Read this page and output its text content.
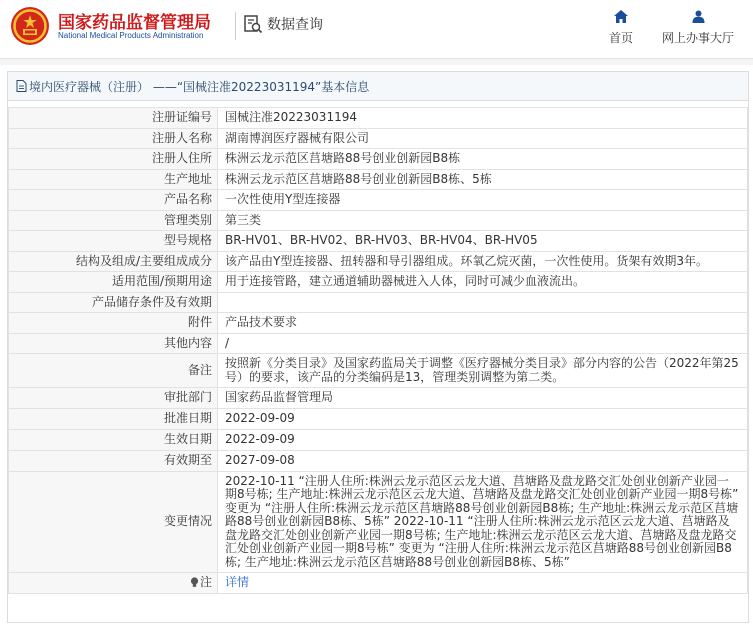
国家药品监督管理局
National Medical Products Administration
数据查询
首页	网上办事大厅
境内医疗器械（注册） ——“国械注准20223031194”基本信息
注册证编号	国械注准20223031194
注册人名称	湖南博润医疗器械有限公司
注册人住所	株洲云龙示范区莒塘路88号创业创新园B8栋
生产地址	株洲云龙示范区莒塘路88号创业创新园B8栋、5栋
产品名称	一次性使用Y型连接器
管理类别	第三类
型号规格	BR-HV01、BR-HV02、BR-HV03、BR-HV04、BR-HV05
结构及组成/主要组成成分	该产品由Y型连接器、扭转器和导引器组成。环氧乙烷灭菌，一次性使用。货架有效期3年。
适用范围/预期用途	用于连接管路，建立通道辅助器械进入人体，同时可减少血液流出。
产品储存条件及有效期	
附件	产品技术要求
其他内容	/
备注	按照新《分类目录》及国家药监局关于调整《医疗器械分类目录》部分内容的公告（2022年第25号）的要求，该产品的分类编码是13，管理类别调整为第二类。
审批部门	国家药品监督管理局
批准日期	2022-09-09
生效日期	2022-09-09
有效期至	2027-09-08
变更情况	2022-10-11 “注册人住所:株洲云龙示范区云龙大道、莒塘路及盘龙路交汇处创业创新产业园一期8号栋; 生产地址:株洲云龙示范区云龙大道、莒塘路及盘龙路交汇处创业创新产业园一期8号栋” 变更为 “注册人住所:株洲云龙示范区莒塘路88号创业创新园B8栋; 生产地址:株洲云龙示范区莒塘路88号创业创新园B8栋、5栋” 2022-10-11 “注册人住所:株洲云龙示范区云龙大道、莒塘路及盘龙路交汇处创业创新产业园一期8号栋; 生产地址:株洲云龙示范区云龙大道、莒塘路及盘龙路交汇处创业创新产业园一期8号栋” 变更为 “注册人住所:株洲云龙示范区莒塘路88号创业创新园B8栋; 生产地址:株洲云龙示范区莒塘路88号创业创新园B8栋、5栋”
注	详情
